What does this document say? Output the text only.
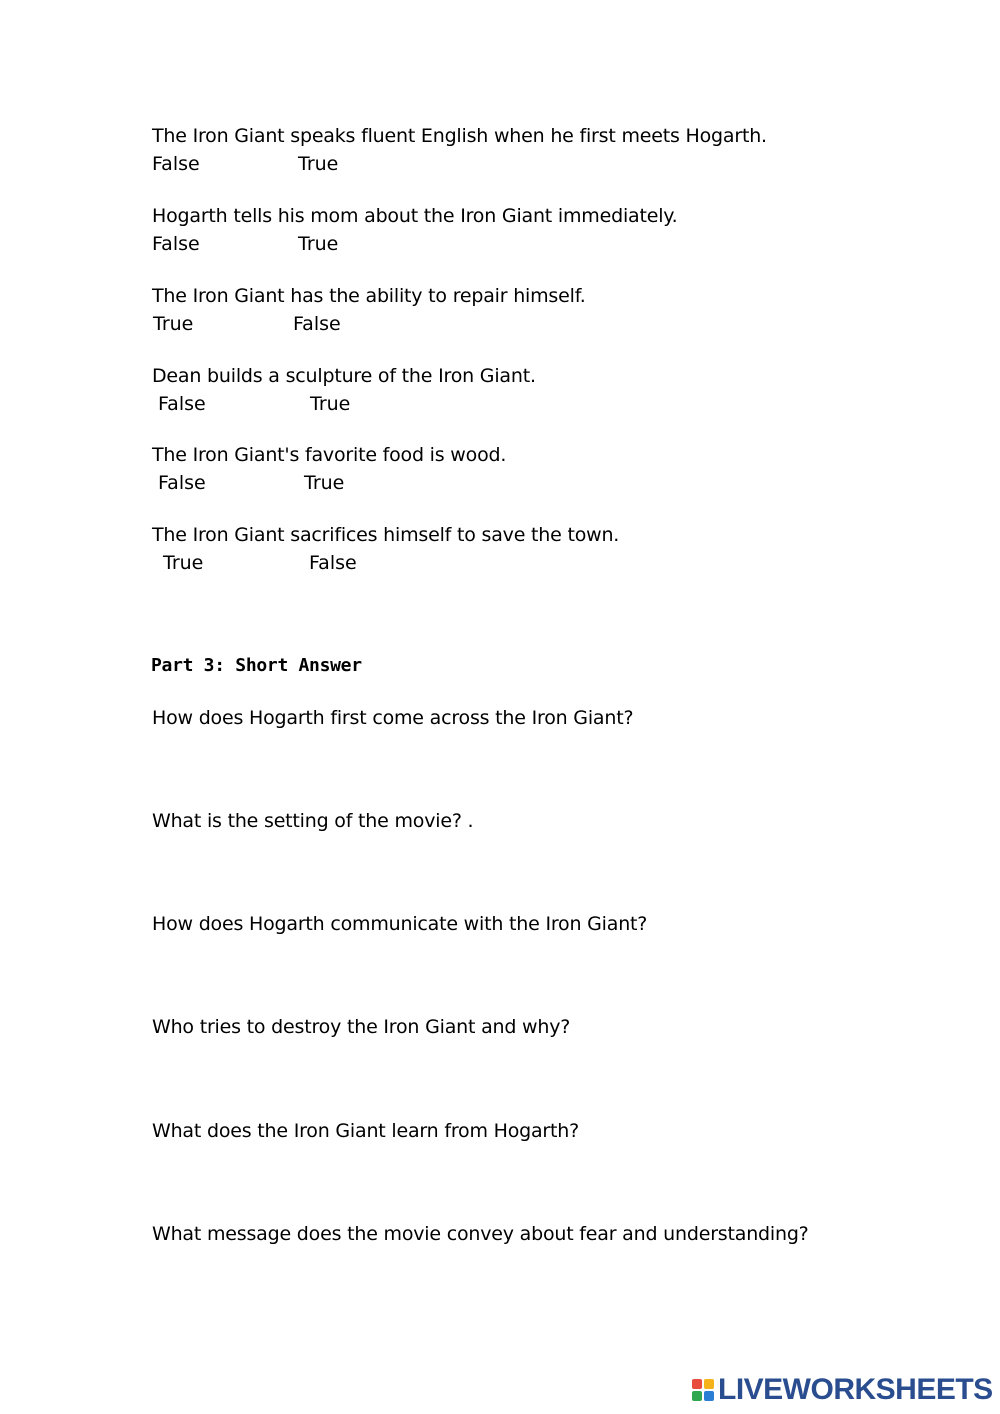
The Iron Giant speaks fluent English when he first meets Hogarth.
False	True
Hogarth tells his mom about the Iron Giant immediately.
False	True
The Iron Giant has the ability to repair himself.
True	False
Dean builds a sculpture of the Iron Giant.
False	True
The Iron Giant's favorite food is wood.
False	True
The Iron Giant sacrifices himself to save the town.
True	False
Part 3: Short Answer
How does Hogarth first come across the Iron Giant?
What is the setting of the movie? .
How does Hogarth communicate with the Iron Giant?
Who tries to destroy the Iron Giant and why?
What does the Iron Giant learn from Hogarth?
What message does the movie convey about fear and understanding?
LIVEWORKSHEETS
